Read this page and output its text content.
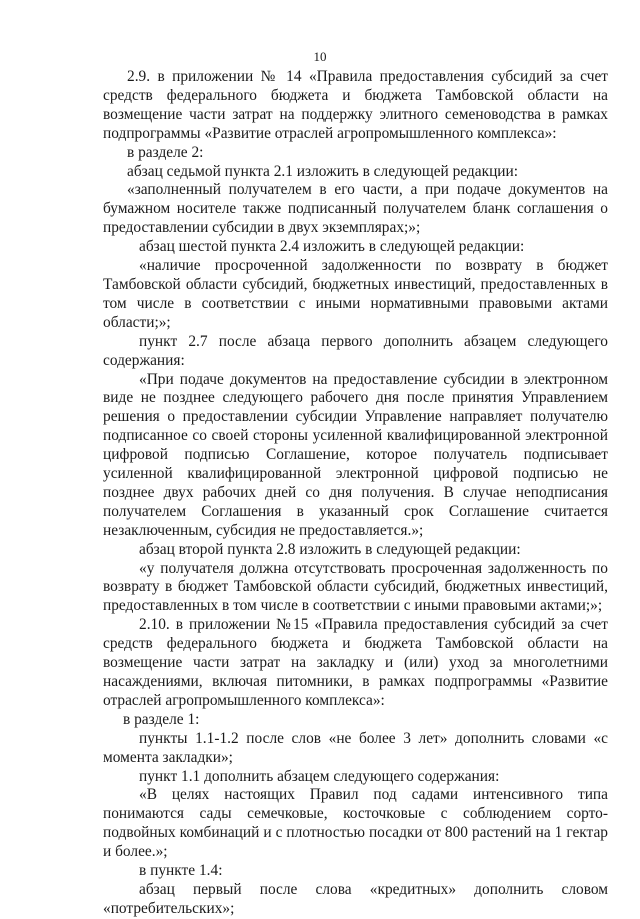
10

2.9. в приложении № 14 «Правила предоставления субсидий за счет средств федерального бюджета и бюджета Тамбовской области на возмещение части затрат на поддержку элитного семеноводства в рамках подпрограммы «Развитие отраслей агропромышленного комплекса»:

в разделе 2:

абзац седьмой пункта 2.1 изложить в следующей редакции:

«заполненный получателем в его части, а при подаче документов на бумажном носителе также подписанный получателем бланк соглашения о предоставлении субсидии в двух экземплярах;»;

абзац шестой пункта 2.4 изложить в следующей редакции:

«наличие просроченной задолженности по возврату в бюджет Тамбовской области субсидий, бюджетных инвестиций, предоставленных в том числе в соответствии с иными нормативными правовыми актами области;»;

пункт 2.7 после абзаца первого дополнить абзацем следующего содержания:

«При подаче документов на предоставление субсидии в электронном виде не позднее следующего рабочего дня после принятия Управлением решения о предоставлении субсидии Управление направляет получателю подписанное со своей стороны усиленной квалифицированной электронной цифровой подписью Соглашение, которое получатель подписывает усиленной квалифицированной электронной цифровой подписью не позднее двух рабочих дней со дня получения. В случае неподписания получателем Соглашения в указанный срок Соглашение считается незаключенным, субсидия не предоставляется.»;

абзац второй пункта 2.8 изложить в следующей редакции:

«у получателя должна отсутствовать просроченная задолженность по возврату в бюджет Тамбовской области субсидий, бюджетных инвестиций, предоставленных в том числе в соответствии с иными правовыми актами;»;

2.10. в приложении №15 «Правила предоставления субсидий за счет средств федерального бюджета и бюджета Тамбовской области на возмещение части затрат на закладку и (или) уход за многолетними насаждениями, включая питомники, в рамках подпрограммы «Развитие отраслей агропромышленного комплекса»:

в разделе 1:

пункты 1.1-1.2 после слов «не более 3 лет» дополнить словами «с момента закладки»;

пункт 1.1 дополнить абзацем следующего содержания:

«В целях настоящих Правил под садами интенсивного типа понимаются сады семечковые, косточковые с соблюдением сорто-подвойных комбинаций и с плотностью посадки от 800 растений на 1 гектар и более.»;

в пункте 1.4:

абзац первый после слова «кредитных» дополнить словом «потребительских»;
